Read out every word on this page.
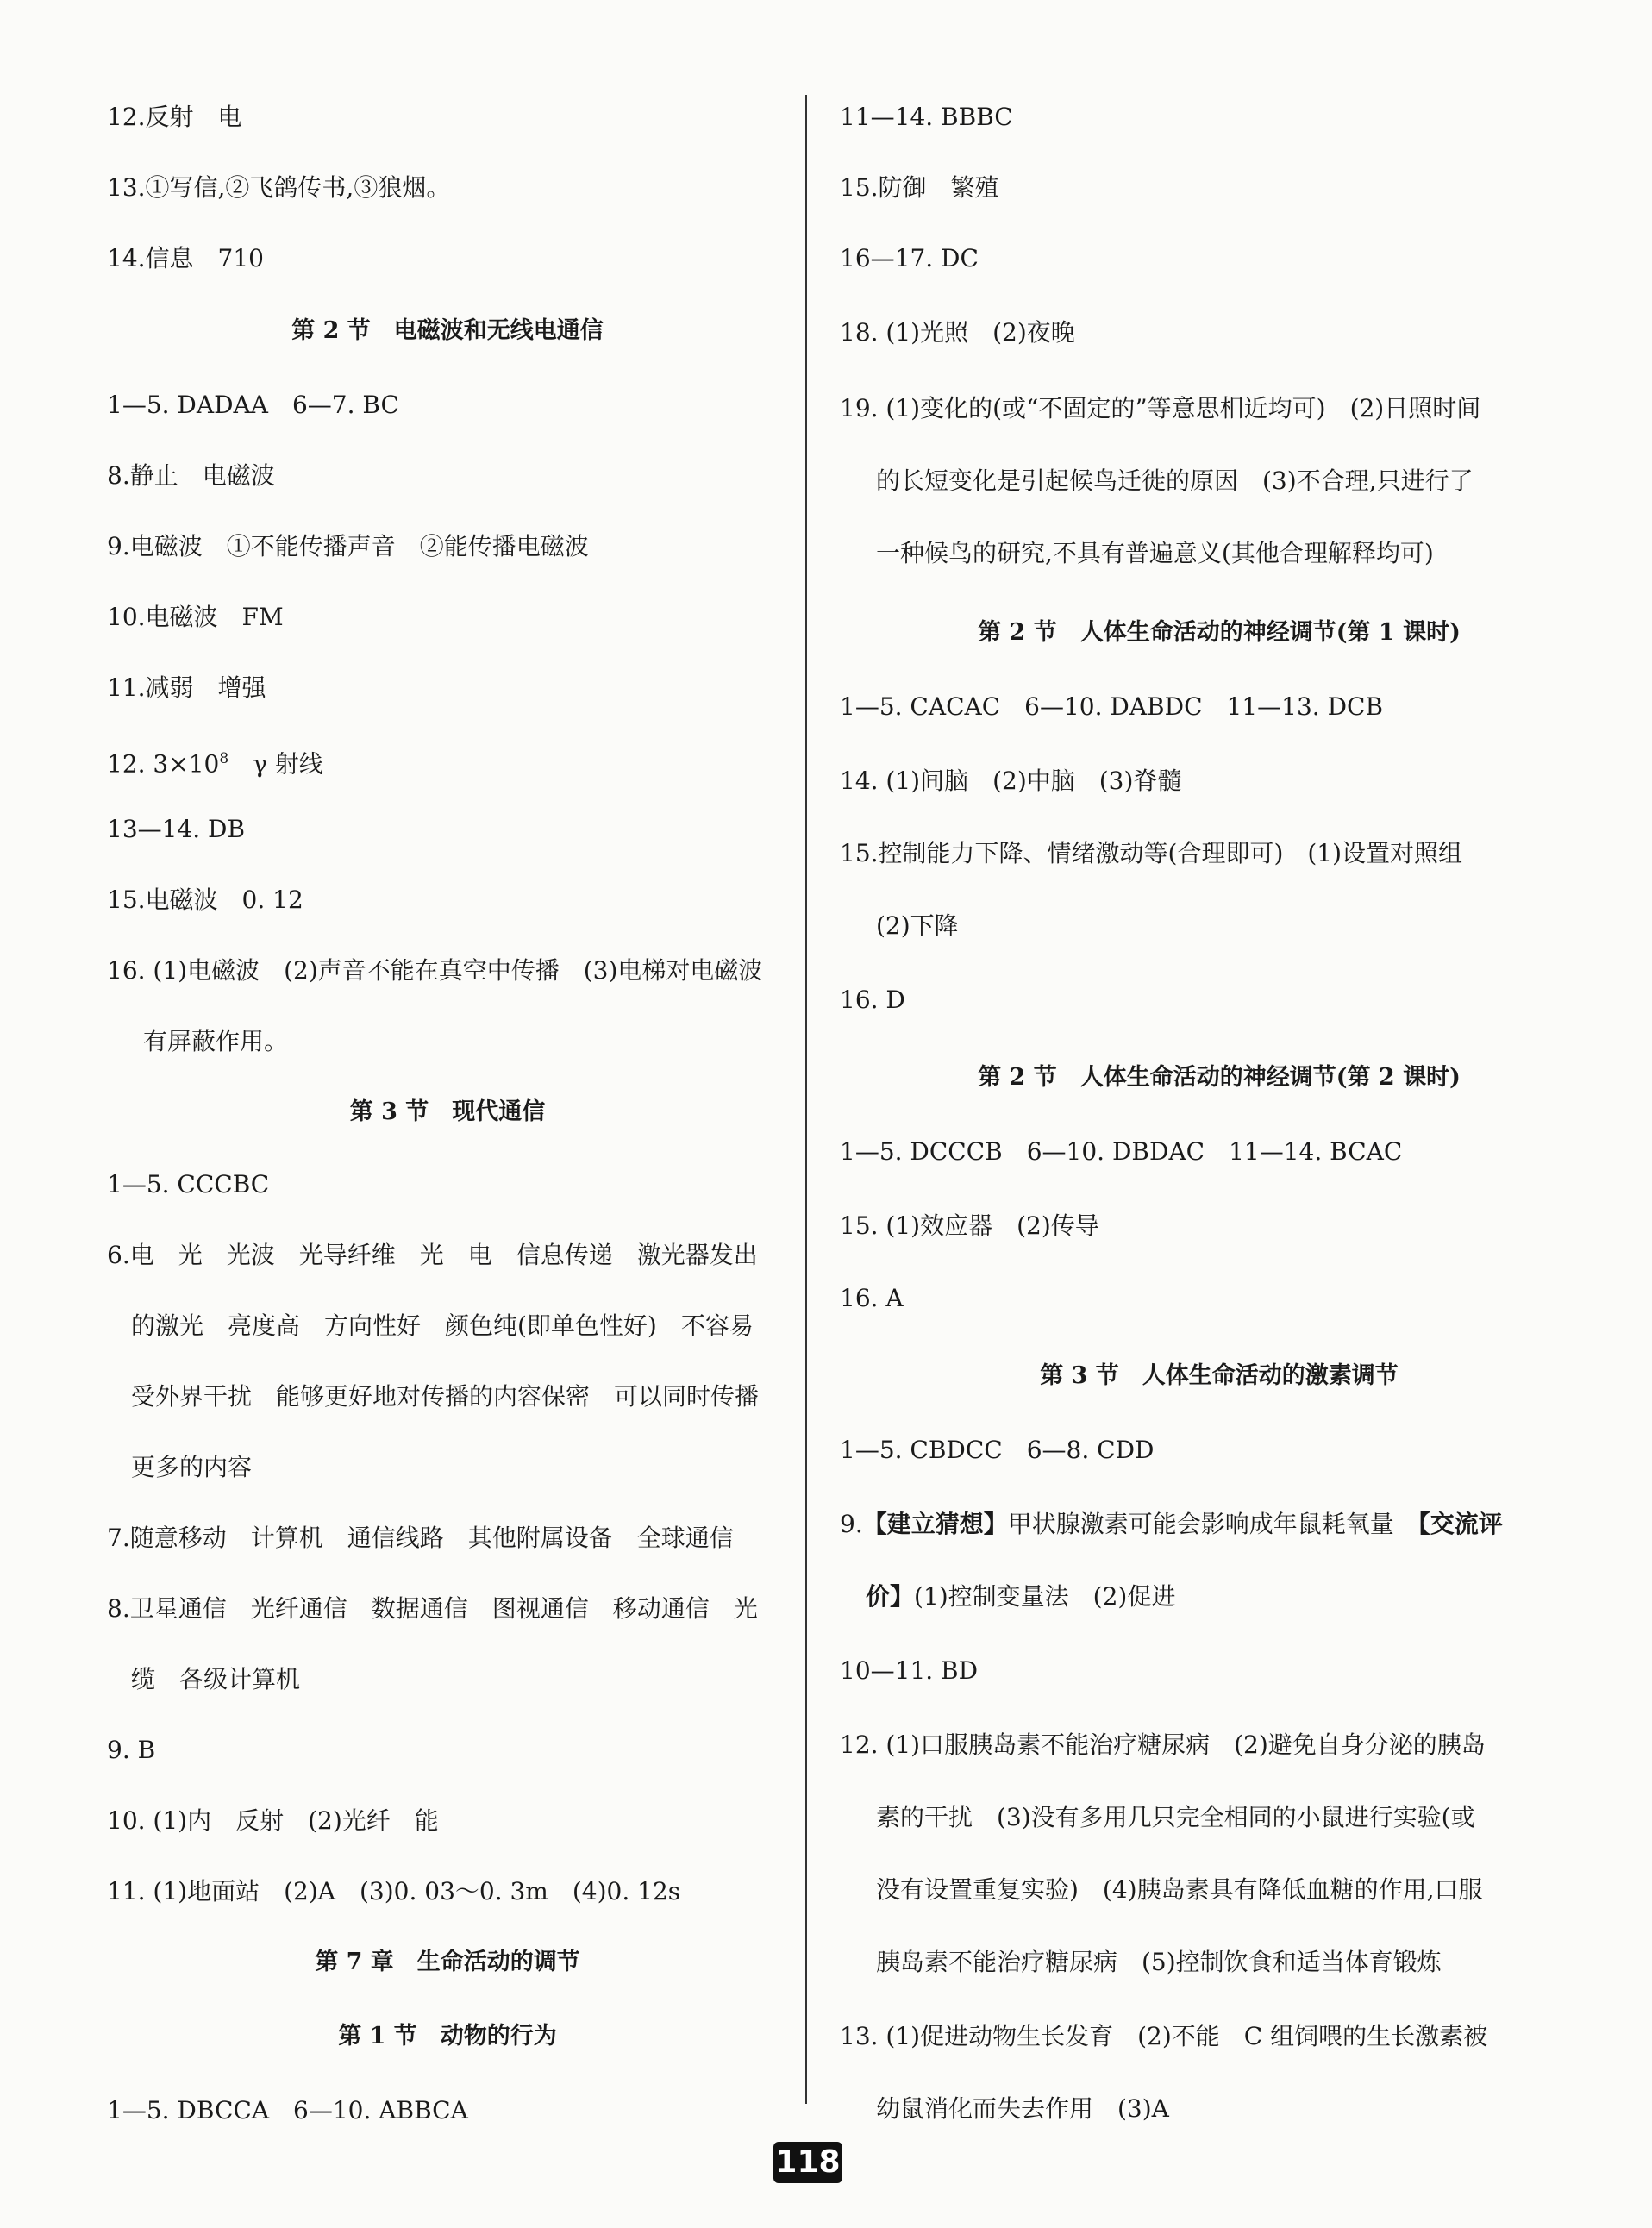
12.反射　电
13.①写信,②飞鸽传书,③狼烟。
14.信息　710
第 2 节　电磁波和无线电通信
1—5. DADAA　6—7. BC
8.静止　电磁波
9.电磁波　①不能传播声音　②能传播电磁波
10.电磁波　FM
11.减弱　增强
12. $3\times 10^8$　γ 射线
13—14. DB
15.电磁波　0. 12
16. (1)电磁波　(2)声音不能在真空中传播　(3)电梯对电磁波
有屏蔽作用。
第 3 节　现代通信
1—5. CCCBC
6.电　光　光波　光导纤维　光　电　信息传递　激光器发出
的激光　亮度高　方向性好　颜色纯(即单色性好)　不容易
受外界干扰　能够更好地对传播的内容保密　可以同时传播
更多的内容
7.随意移动　计算机　通信线路　其他附属设备　全球通信
8.卫星通信　光纤通信　数据通信　图视通信　移动通信　光
缆　各级计算机
9. B
10. (1)内　反射　(2)光纤　能
11. (1)地面站　(2)A　(3)0. 03～0. 3m　(4)0. 12s
第 7 章　生命活动的调节
第 1 节　动物的行为
1—5. DBCCA　6—10. ABBCA
11—14. BBBC
15.防御　繁殖
16—17. DC
18. (1)光照　(2)夜晚
19. (1)变化的(或“不固定的”等意思相近均可)　(2)日照时间
的长短变化是引起候鸟迁徙的原因　(3)不合理,只进行了
一种候鸟的研究,不具有普遍意义(其他合理解释均可)
第 2 节　人体生命活动的神经调节(第 1 课时)
1—5. CACAC　6—10. DABDC　11—13. DCB
14. (1)间脑　(2)中脑　(3)脊髓
15.控制能力下降、情绪激动等(合理即可)　(1)设置对照组
(2)下降
16. D
第 2 节　人体生命活动的神经调节(第 2 课时)
1—5. DCCCB　6—10. DBDAC　11—14. BCAC
15. (1)效应器　(2)传导
16. A
第 3 节　人体生命活动的激素调节
1—5. CBDCC　6—8. CDD
9.【建立猜想】甲状腺激素可能会影响成年鼠耗氧量　【交流评
价】(1)控制变量法　(2)促进
10—11. BD
12. (1)口服胰岛素不能治疗糖尿病　(2)避免自身分泌的胰岛
素的干扰　(3)没有多用几只完全相同的小鼠进行实验(或
没有设置重复实验)　(4)胰岛素具有降低血糖的作用,口服
胰岛素不能治疗糖尿病　(5)控制饮食和适当体育锻炼
13. (1)促进动物生长发育　(2)不能　C 组饲喂的生长激素被
幼鼠消化而失去作用　(3)A
118
